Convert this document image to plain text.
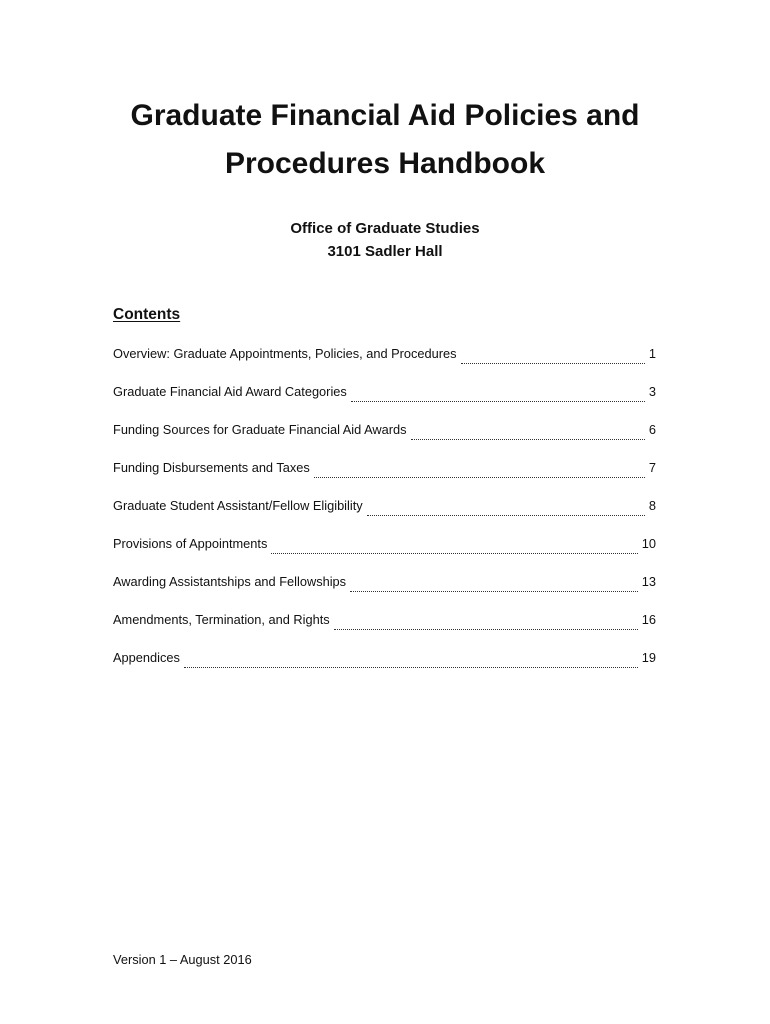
Graduate Financial Aid Policies and
Procedures Handbook
Office of Graduate Studies
3101 Sadler Hall
Contents
Overview: Graduate Appointments, Policies, and Procedures	1
Graduate Financial Aid Award Categories	3
Funding Sources for Graduate Financial Aid Awards	6
Funding Disbursements and Taxes	7
Graduate Student Assistant/Fellow Eligibility	8
Provisions of Appointments	10
Awarding Assistantships and Fellowships	13
Amendments, Termination, and Rights	16
Appendices	19
Version 1 – August 2016
